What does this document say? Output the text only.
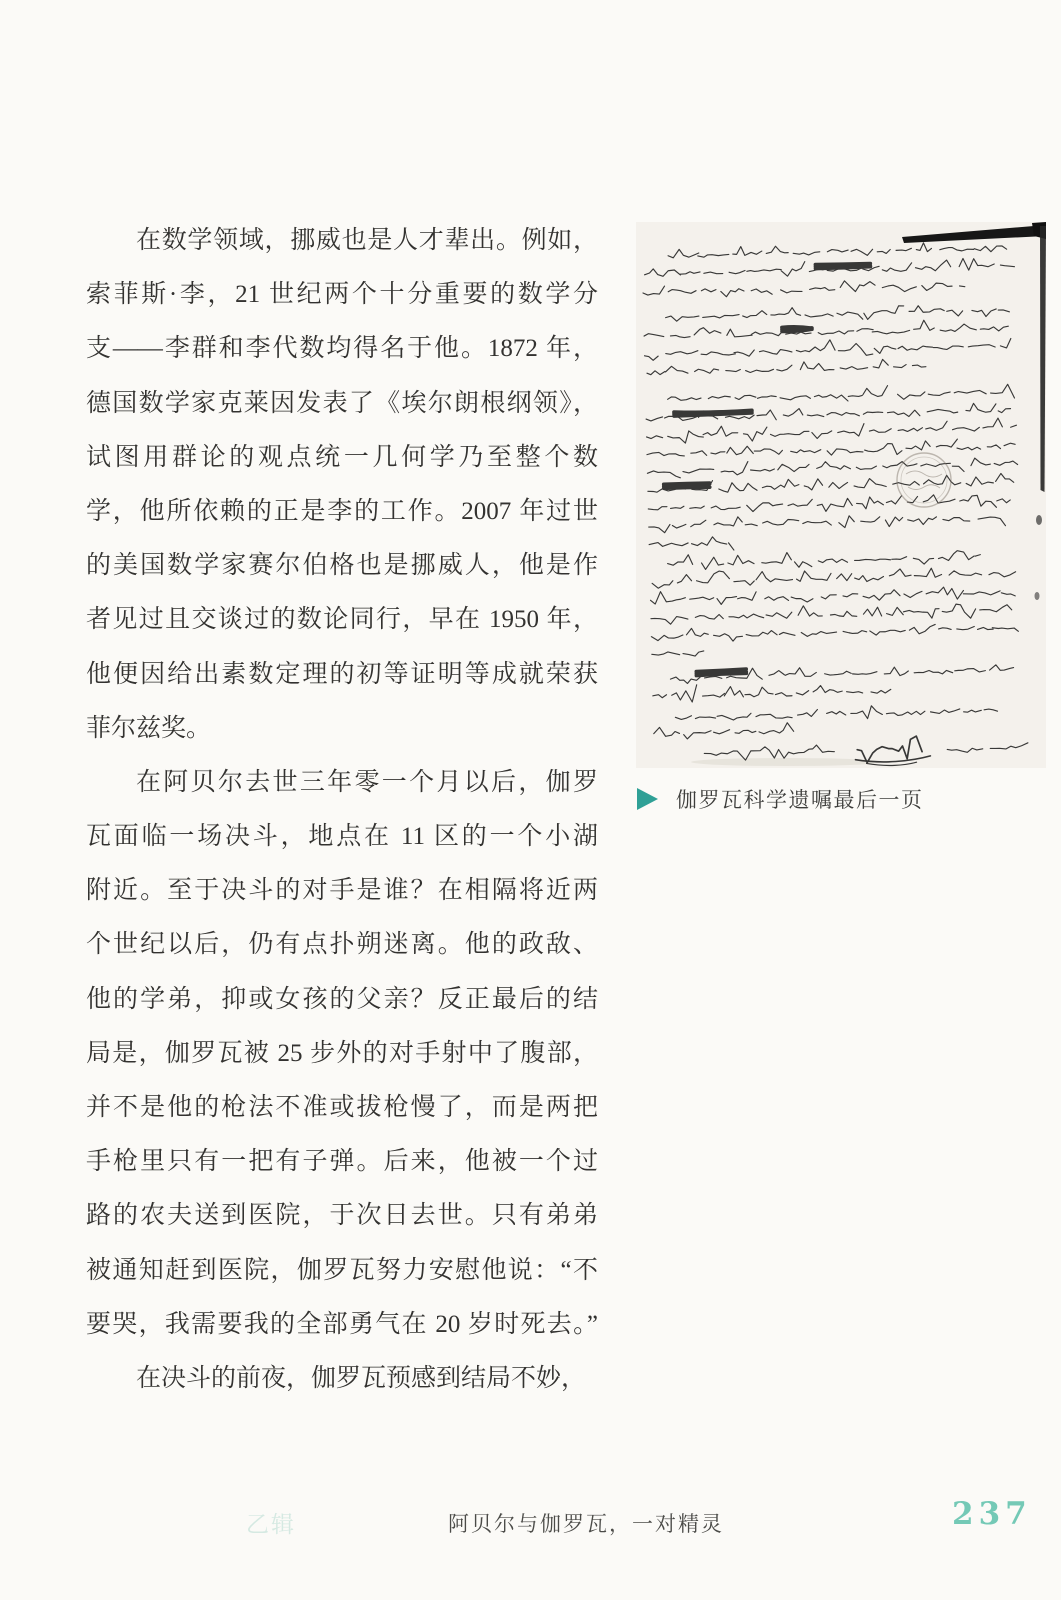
在数学领域，挪威也是人才辈出。例如，
索菲斯·李，21 世纪两个十分重要的数学分
支——李群和李代数均得名于他。1872 年，
德国数学家克莱因发表了《埃尔朗根纲领》，
试图用群论的观点统一几何学乃至整个数
学，他所依赖的正是李的工作。2007 年过世
的美国数学家赛尔伯格也是挪威人，他是作
者见过且交谈过的数论同行，早在 1950 年，
他便因给出素数定理的初等证明等成就荣获
菲尔兹奖。
在阿贝尔去世三年零一个月以后，伽罗
瓦面临一场决斗，地点在 11 区的一个小湖
附近。至于决斗的对手是谁？在相隔将近两
个世纪以后，仍有点扑朔迷离。他的政敌、
他的学弟，抑或女孩的父亲？反正最后的结
局是，伽罗瓦被 25 步外的对手射中了腹部，
并不是他的枪法不准或拔枪慢了，而是两把
手枪里只有一把有子弹。后来，他被一个过
路的农夫送到医院，于次日去世。只有弟弟
被通知赶到医院，伽罗瓦努力安慰他说：“不
要哭，我需要我的全部勇气在 20 岁时死去。”
在决斗的前夜，伽罗瓦预感到结局不妙，
伽罗瓦科学遗嘱最后一页
乙辑	阿贝尔与伽罗瓦，一对精灵	237
